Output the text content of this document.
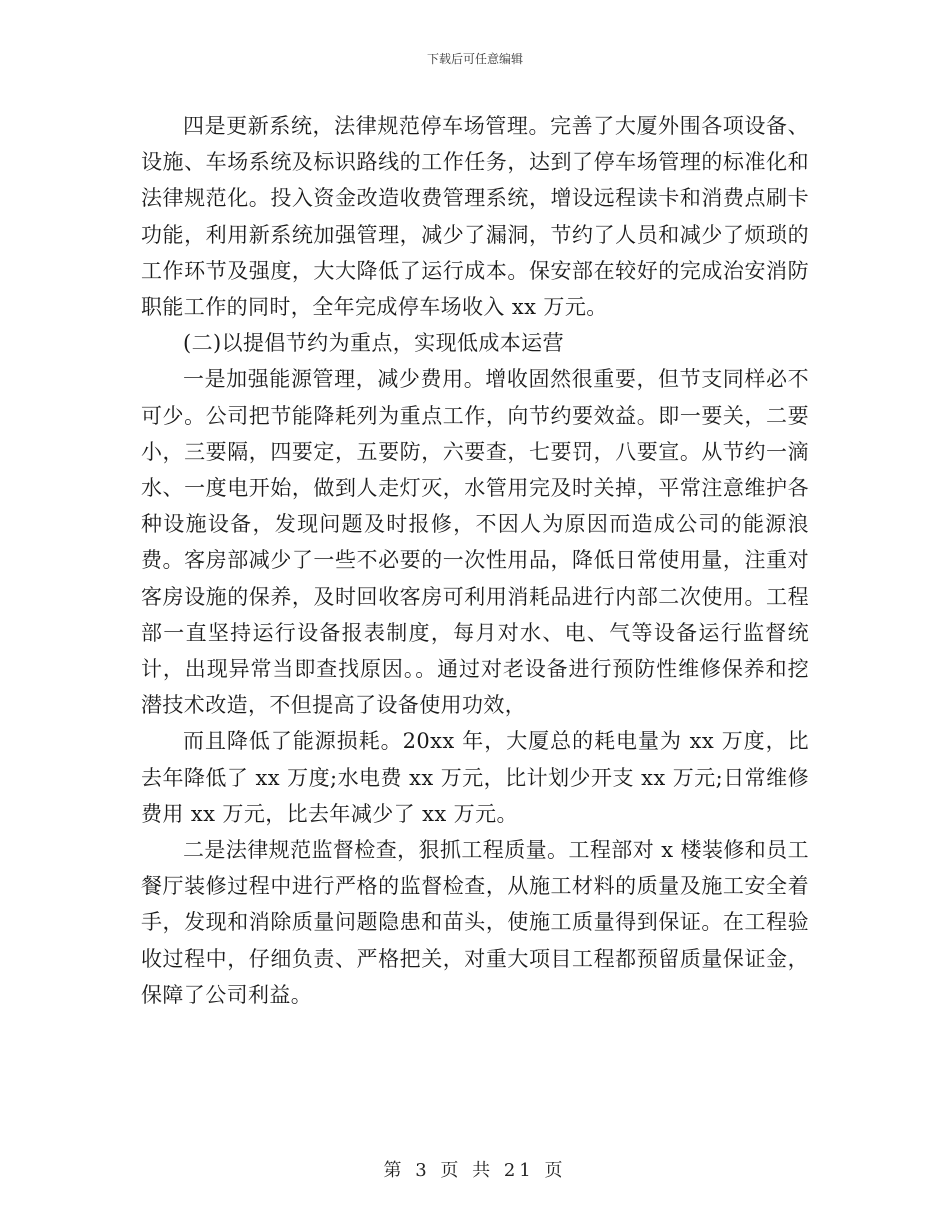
下载后可任意编辑

四是更新系统，法律规范停车场管理。完善了大厦外围各项设备、设施、车场系统及标识路线的工作任务，达到了停车场管理的标准化和法律规范化。投入资金改造收费管理系统，增设远程读卡和消费点刷卡功能，利用新系统加强管理，减少了漏洞，节约了人员和减少了烦琐的工作环节及强度，大大降低了运行成本。保安部在较好的完成治安消防职能工作的同时，全年完成停车场收入 xx 万元。

(二)以提倡节约为重点，实现低成本运营

一是加强能源管理，减少费用。增收固然很重要，但节支同样必不可少。公司把节能降耗列为重点工作，向节约要效益。即一要关，二要小，三要隔，四要定，五要防，六要查，七要罚，八要宣。从节约一滴水、一度电开始，做到人走灯灭，水管用完及时关掉，平常注意维护各种设施设备，发现问题及时报修，不因人为原因而造成公司的能源浪费。客房部减少了一些不必要的一次性用品，降低日常使用量，注重对客房设施的保养，及时回收客房可利用消耗品进行内部二次使用。工程部一直坚持运行设备报表制度，每月对水、电、气等设备运行监督统计，出现异常当即查找原因。。通过对老设备进行预防性维修保养和挖潜技术改造，不但提高了设备使用功效，

而且降低了能源损耗。20xx 年，大厦总的耗电量为 xx 万度，比去年降低了 xx 万度;水电费 xx 万元，比计划少开支 xx 万元;日常维修费用 xx 万元，比去年减少了 xx 万元。

二是法律规范监督检查，狠抓工程质量。工程部对 x 楼装修和员工餐厅装修过程中进行严格的监督检查，从施工材料的质量及施工安全着手，发现和消除质量问题隐患和苗头，使施工质量得到保证。在工程验收过程中，仔细负责、严格把关，对重大项目工程都预留质量保证金，保障了公司利益。

第 3 页 共 21 页
